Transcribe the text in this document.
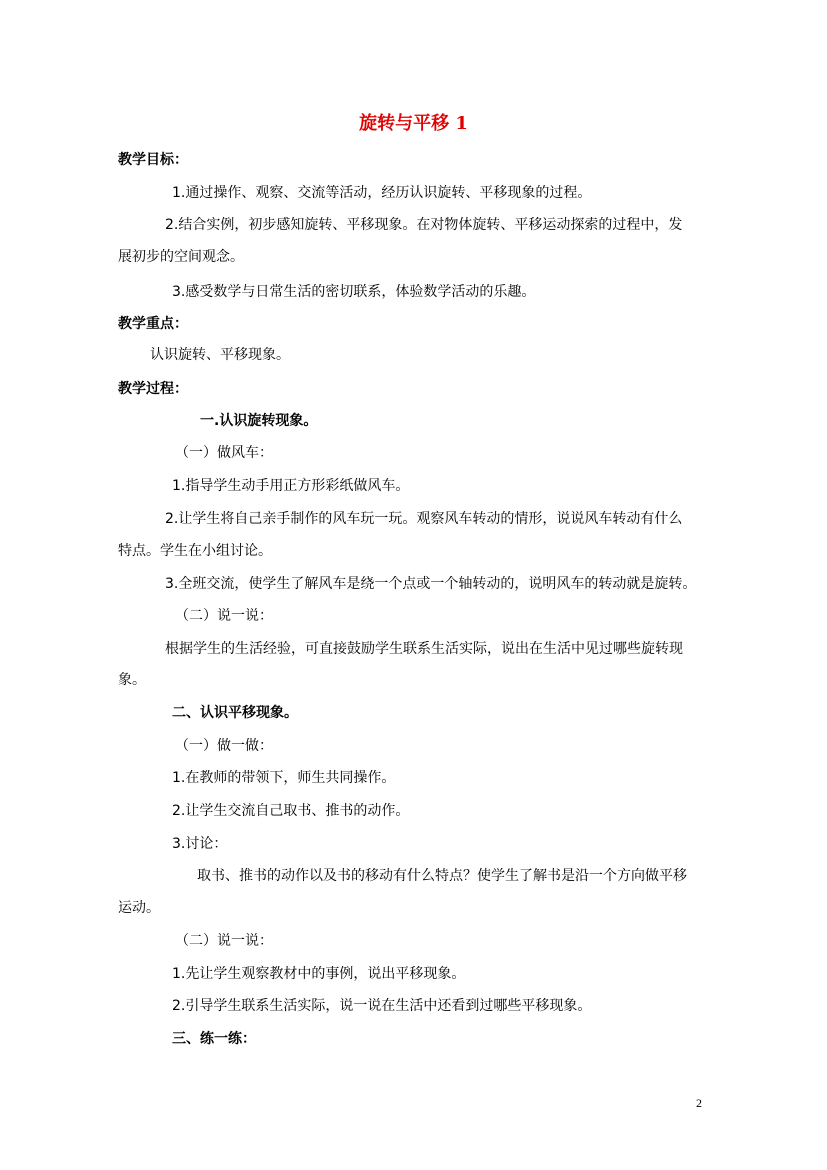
旋转与平移 1
教学目标：
1.通过操作、观察、交流等活动，经历认识旋转、平移现象的过程。
2.结合实例，初步感知旋转、平移现象。在对物体旋转、平移运动探索的过程中，发
展初步的空间观念。
3.感受数学与日常生活的密切联系，体验数学活动的乐趣。
教学重点：
认识旋转、平移现象。
教学过程：
一.认识旋转现象。
（一）做风车：
1.指导学生动手用正方形彩纸做风车。
2.让学生将自己亲手制作的风车玩一玩。观察风车转动的情形，说说风车转动有什么
特点。学生在小组讨论。
3.全班交流，使学生了解风车是绕一个点或一个轴转动的，说明风车的转动就是旋转。
（二）说一说：
根据学生的生活经验，可直接鼓励学生联系生活实际，说出在生活中见过哪些旋转现
象。
二、认识平移现象。
（一）做一做：
1.在教师的带领下，师生共同操作。
2.让学生交流自己取书、推书的动作。
3.讨论：
取书、推书的动作以及书的移动有什么特点？使学生了解书是沿一个方向做平移
运动。
（二）说一说：
1.先让学生观察教材中的事例，说出平移现象。
2.引导学生联系生活实际，说一说在生活中还看到过哪些平移现象。
三、练一练：
2
